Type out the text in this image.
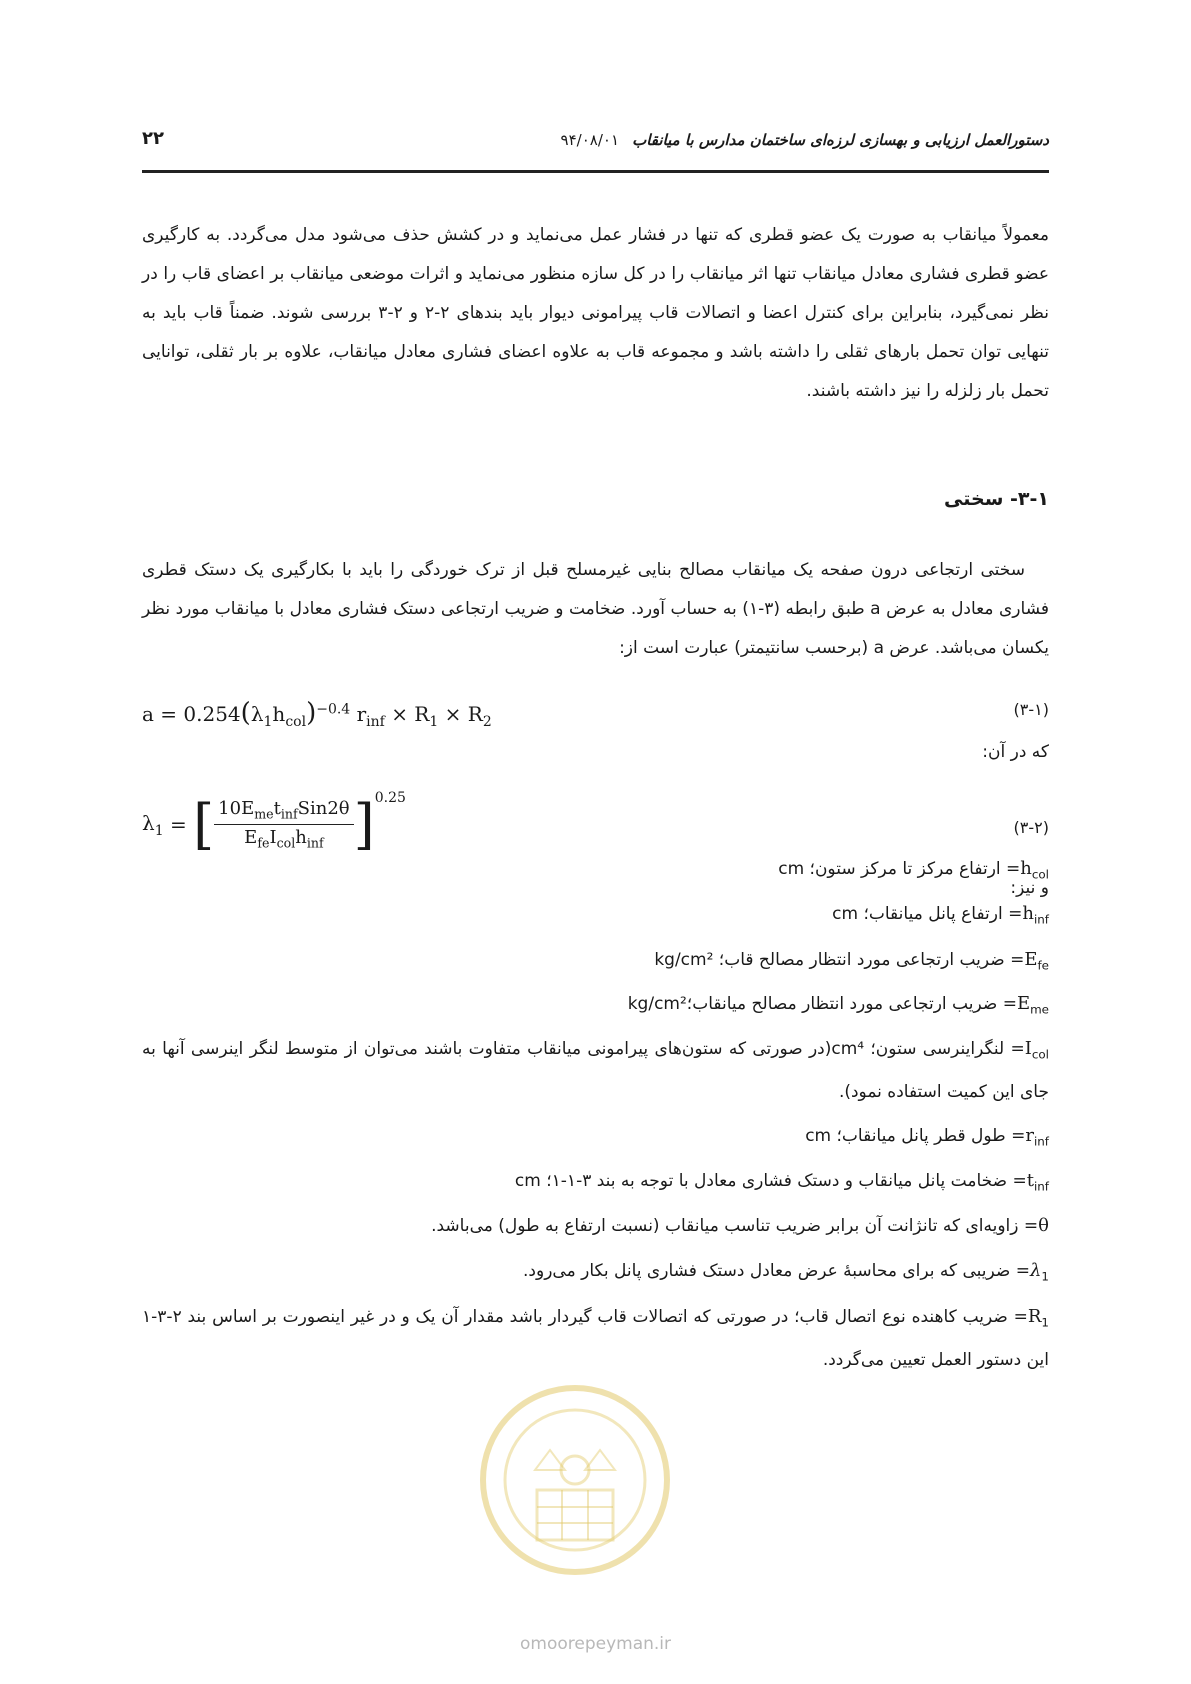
دستورالعمل ارزیابی و بهسازی لرزه‌ای ساختمان مدارس با میانقاب
۹۴/۰۸/۰۱
۲۲
معمولاً میانقاب به صورت یک عضو قطری که تنها در فشار عمل می‌نماید و در کشش حذف می‌شود مدل می‌گردد. به کارگیری عضو قطری فشاری معادل میانقاب تنها اثر میانقاب را در کل سازه منظور می‌نماید و اثرات موضعی میانقاب بر اعضای قاب را در نظر نمی‌گیرد، بنابراین برای کنترل اعضا و اتصالات قاب پیرامونی دیوار باید بندهای ۲-۲ و ۲-۳ بررسی شوند. ضمناً قاب باید به تنهایی توان تحمل بارهای ثقلی را داشته باشد و مجموعه قاب به علاوه اعضای فشاری معادل میانقاب، علاوه بر بار ثقلی، توانایی تحمل بار زلزله را نیز داشته باشند.
۳-۱- سختی
سختی ارتجاعی درون صفحه یک میانقاب مصالح بنایی غیرمسلح قبل از ترک خوردگی را باید با بکارگیری یک دستک قطری فشاری معادل به عرض a طبق رابطه (۳-۱) به حساب آورد. ضخامت و ضریب ارتجاعی دستک فشاری معادل با میانقاب مورد نظر یکسان می‌باشد. عرض a (برحسب سانتیمتر) عبارت است از:
$a = 0.254(\lambda_1h_{col})^{-0.4}$ $r_{inf} \times R_1 \times R_2$
(۳-۱)
که در آن:
$\lambda_1$ = [ $\frac{10E_{me}t_{inf}Sin2\theta}{E_{fe}I_{col}h_{inf}} ]^{0.25}$
(۳-۲)
و نیز:
$h_{col}=$ ارتفاع مرکز تا مرکز ستون؛ cm
$h_{inf}=$ ارتفاع پانل میانقاب؛ cm
$E_{fe}=$ ضریب ارتجاعی مورد انتظار مصالح قاب؛ kg/cm²
$E_{me}=$ ضریب ارتجاعی مورد انتظار مصالح میانقاب؛kg/cm²
$I_{col}=$ لنگراینرسی ستون؛ cm⁴(در صورتی که ستون‌های پیرامونی میانقاب متفاوت باشند می‌توان از متوسط لنگر اینرسی آنها به جای این کمیت استفاده نمود).
$r_{inf}=$ طول قطر پانل میانقاب؛ cm
$t_{inf}=$ ضخامت پانل میانقاب و دستک فشاری معادل با توجه به بند ۳-۱-۱؛ cm
θ= زاویه‌ای که تانژانت آن برابر ضریب تناسب میانقاب (نسبت ارتفاع به طول) می‌باشد.
$\lambda_1=$ ضریبی که برای محاسبۀ عرض معادل دستک فشاری پانل بکار می‌رود.
$R_1=$ ضریب کاهنده نوع اتصال قاب؛ در صورتی که اتصالات قاب گیردار باشد مقدار آن یک و در غیر اینصورت بر اساس بند ۲-۳-۱ این دستور العمل تعیین می‌گردد.
omoorepeyman.ir
